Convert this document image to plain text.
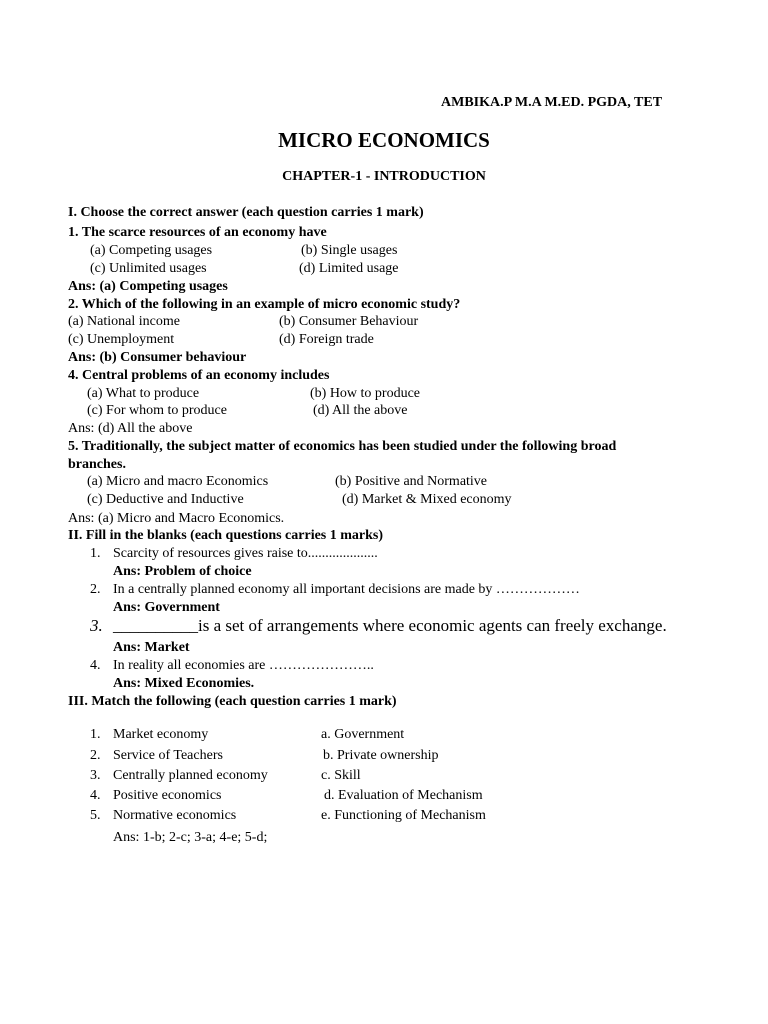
AMBIKA.P M.A M.ED. PGDA, TET
MICRO ECONOMICS
CHAPTER-1 - INTRODUCTION
I. Choose the correct answer (each question carries 1 mark)
1. The scarce resources of an economy have
(a) Competing usages	(b) Single usages
(c) Unlimited usages	(d) Limited usage
Ans: (a) Competing usages
2. Which of the following in an example of micro economic study?
(a) National income	(b) Consumer Behaviour
(c) Unemployment	(d) Foreign trade
Ans: (b) Consumer behaviour
4. Central problems of an economy includes
(a) What to produce	(b) How to produce
(c) For whom to produce	(d) All the above
Ans: (d) All the above
5. Traditionally, the subject matter of economics has been studied under the following broad
branches.
(a) Micro and macro Economics	(b) Positive and Normative
(c) Deductive and Inductive	(d) Market & Mixed economy
Ans: (a) Micro and Macro Economics.
II. Fill in the blanks (each questions carries 1 marks)
1. Scarcity of resources gives raise to....................
Ans: Problem of choice
2. In a centrally planned economy all important decisions are made by ………………
Ans: Government
3. __________is a set of arrangements where economic agents can freely exchange.
Ans: Market
4. In reality all economies are …………………..
Ans: Mixed Economies.
III. Match the following (each question carries 1 mark)
1. Market economy	a. Government
2. Service of Teachers	b. Private ownership
3. Centrally planned economy	c. Skill
4. Positive economics	d. Evaluation of Mechanism
5. Normative economics	e. Functioning of Mechanism
Ans: 1-b; 2-c; 3-a; 4-e; 5-d;
